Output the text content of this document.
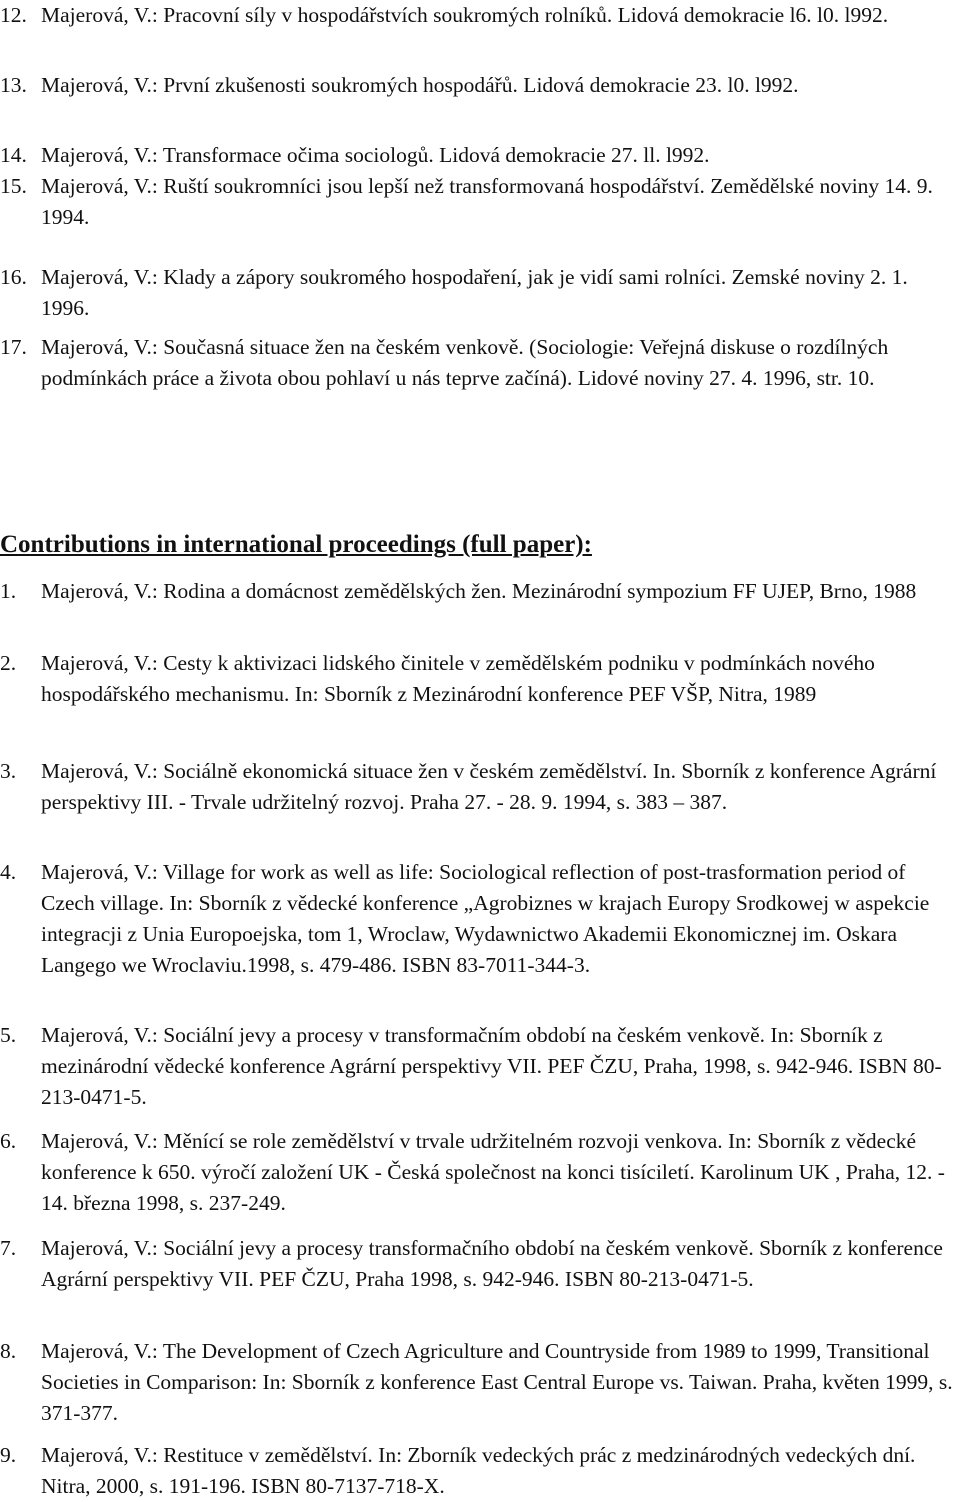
12. Majerová, V.: Pracovní síly v hospodářstvích soukromých rolníků. Lidová demokracie l6. l0. l992.
13. Majerová, V.: První zkušenosti soukromých hospodářů. Lidová demokracie 23. l0. l992.
14. Majerová, V.: Transformace očima sociologů. Lidová demokracie 27. ll. l992.
15. Majerová, V.: Ruští soukromníci jsou lepší než transformovaná hospodářství. Zemědělské noviny 14. 9. 1994.
16. Majerová, V.: Klady a zápory soukromého hospodaření, jak je vidí sami rolníci. Zemské noviny 2. 1. 1996.
17. Majerová, V.: Současná situace žen na českém venkově. (Sociologie: Veřejná diskuse o rozdílných podmínkách práce a života obou pohlaví u nás teprve začíná). Lidové noviny 27. 4. 1996, str. 10.
Contributions in international proceedings (full paper):
1. Majerová, V.: Rodina a domácnost zemědělských žen. Mezinárodní sympozium FF UJEP, Brno, 1988
2. Majerová, V.: Cesty k aktivizaci lidského činitele v zemědělském podniku v podmínkách nového hospodářského mechanismu. In: Sborník z Mezinárodní konference PEF VŠP, Nitra, 1989
3. Majerová, V.: Sociálně ekonomická situace žen v českém zemědělství. In. Sborník z konference Agrární perspektivy III. - Trvale udržitelný rozvoj. Praha 27. - 28. 9. 1994, s. 383 – 387.
4. Majerová, V.: Village for work as well as life: Sociological reflection of post-trasformation period of Czech village. In: Sborník z vědecké konference „Agrobiznes w krajach Europy Srodkowej w aspekcie integracji z Unia Europoejska, tom 1, Wroclaw, Wydawnictwo Akademii Ekonomicznej im. Oskara Langego we Wroclaviu.1998, s. 479-486. ISBN 83-7011-344-3.
5. Majerová, V.: Sociální jevy a procesy v transformačním období na českém venkově. In: Sborník z mezinárodní vědecké konference Agrární perspektivy VII. PEF ČZU, Praha, 1998, s. 942-946. ISBN 80-213-0471-5.
6. Majerová, V.: Měnící se role zemědělství v trvale udržitelném rozvoji venkova. In: Sborník z vědecké konference k 650. výročí založení UK - Česká společnost na konci tisíciletí. Karolinum UK , Praha, 12. - 14. března 1998, s. 237-249.
7. Majerová, V.: Sociální jevy a procesy transformačního období na českém venkově. Sborník z konference Agrární perspektivy VII. PEF ČZU, Praha 1998, s. 942-946. ISBN 80-213-0471-5.
8. Majerová, V.: The Development of Czech Agriculture and Countryside from 1989 to 1999, Transitional Societies in Comparison: In: Sborník z konference East Central Europe vs. Taiwan. Praha, květen 1999, s. 371-377.
9. Majerová, V.: Restituce v zemědělství. In: Zborník vedeckých prác z medzinárodných vedeckých dní. Nitra, 2000, s. 191-196. ISBN 80-7137-718-X.
